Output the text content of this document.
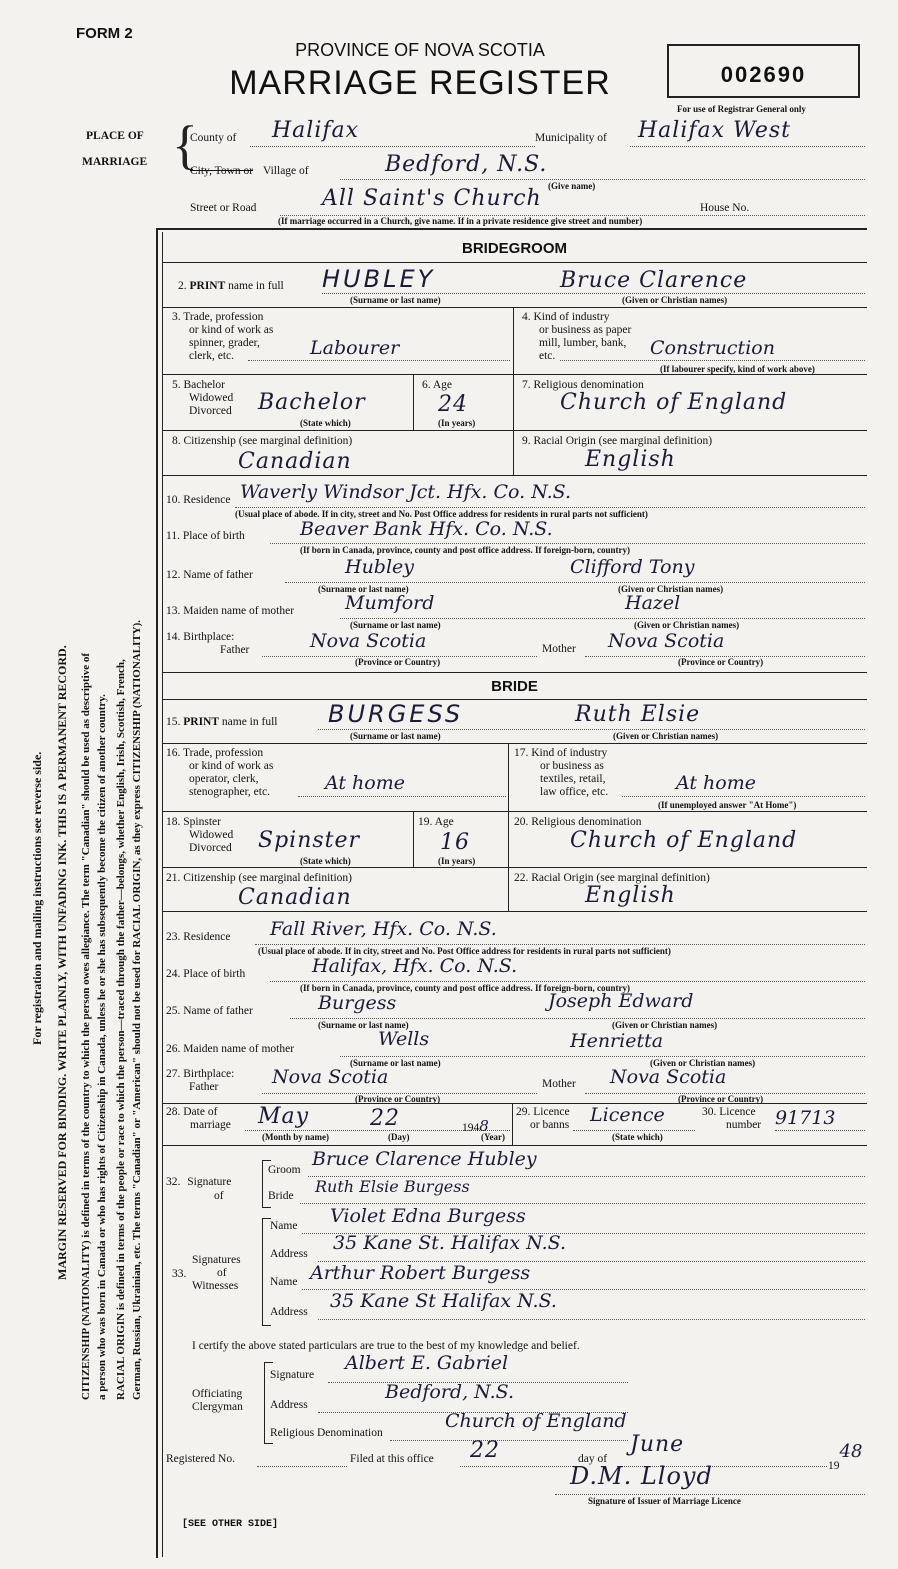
FORM 2
PROVINCE OF NOVA SCOTIA
MARRIAGE REGISTER	002690
For use of Registrar General only
PLACE OF
MARRIAGE {
County of Halifax	Municipality of Halifax West
City, Town or Village of	Bedford, N.S.
(Give name)
Street or Road	All Saint's Church	House No.
(If marriage occurred in a Church, give name. If in a private residence give street and number)
For registration and mailing instructions see reverse side. MARGIN RESERVED FOR BINDING. WRITE PLAINLY, WITH UNFADING INK. THIS IS A PERMANENT RECORD. CITIZENSHIP (NATIONALITY) is defined in terms of the country to which the person owes allegiance. The term "Canadian" should be used as descriptive of a person who was born in Canada or who has rights of Citizenship in Canada, unless he or she has subsequently become the citizen of another country. RACIAL ORIGIN is defined in terms of the people or race to which the person—traced through the father—belongs, whether English, Irish, Scottish, French, German, Russian, Ukrainian, etc. The terms "Canadian" or "American" should not be used for RACIAL ORIGIN, as they express CITIZENSHIP (NATIONALITY).
BRIDEGROOM
2. PRINT name in full HUBLEY	Bruce Clarence
(Surname or last name)	(Given or Christian names)
3. Trade, profession
or kind of work as
spinner, grader,
clerk, etc.	Labourer
4. Kind of industry
or business as paper
mill, lumber, bank,
etc.	Construction
(If labourer specify, kind of work above)
5. Bachelor
Widowed
Divorced Bachelor
(State which)
6. Age
24
(In years)
7. Religious denomination
Church of England
8. Citizenship (see marginal definition)
Canadian
9. Racial Origin (see marginal definition)
English
10. Residence Waverly Windsor Jct. Hfx. Co. N.S.
(Usual place of abode. If in city, street and No. Post Office address for residents in rural parts not sufficient)
11. Place of birth	Beaver Bank Hfx. Co. N.S.
(If born in Canada, province, county and post office address. If foreign-born, country)
12. Name of father	Hubley	Clifford Tony
(Surname or last name)	(Given or Christian names)
13. Maiden name of mother	Mumford	Hazel
(Surname or last name)	(Given or Christian names)
14. Birthplace:
Father	Nova Scotia	Mother Nova Scotia
(Province or Country)	(Province or Country)
BRIDE
15. PRINT name in full BURGESS	Ruth Elsie
(Surname or last name)	(Given or Christian names)
16. Trade, profession
or kind of work as
operator, clerk,
stenographer, etc.	At home
17. Kind of industry
or business as
textiles, retail,
law office, etc.	At home
(If unemployed answer "At Home")
18. Spinster
Widowed
Divorced Spinster
(State which)
19. Age
16
(In years)
20. Religious denomination
Church of England
21. Citizenship (see marginal definition)
Canadian
22. Racial Origin (see marginal definition)
English
23. Residence Fall River, Hfx. Co. N.S.
(Usual place of abode. If in city, street and No. Post Office address for residents in rural parts not sufficient)
24. Place of birth	Halifax, Hfx. Co. N.S.
(If born in Canada, province, county and post office address. If foreign-born, country)
25. Name of father	Burgess	Joseph Edward
(Surname or last name)	(Given or Christian names)
26. Maiden name of mother	Wells	Henrietta
(Surname or last name)	(Given or Christian names)
27. Birthplace:
Father	Nova Scotia	Mother Nova Scotia
(Province or Country)	(Province or Country)
28. Date of
marriage May	22	1948
(Month by name)	(Day)	(Year)
29. Licence
or banns Licence
(State which)
30. Licence
number 91713
32. Signature
of
Groom Bruce Clarence Hubley
Bride Ruth Elsie Burgess
Signatures
of
Witnesses
33.
Name Violet Edna Burgess
Address 35 Kane St. Halifax N.S.
Name Arthur Robert Burgess
Address 35 Kane St Halifax N.S.
I certify the above stated particulars are true to the best of my knowledge and belief.
Officiating
Clergyman
Signature
Albert E. Gabriel
Address
Bedford, N.S.
Religious Denomination
Church of England
Registered No.	Filed at this office 22	day of
June
1948
D.M. Lloyd
Signature of Issuer of Marriage Licence
[SEE OTHER SIDE]
